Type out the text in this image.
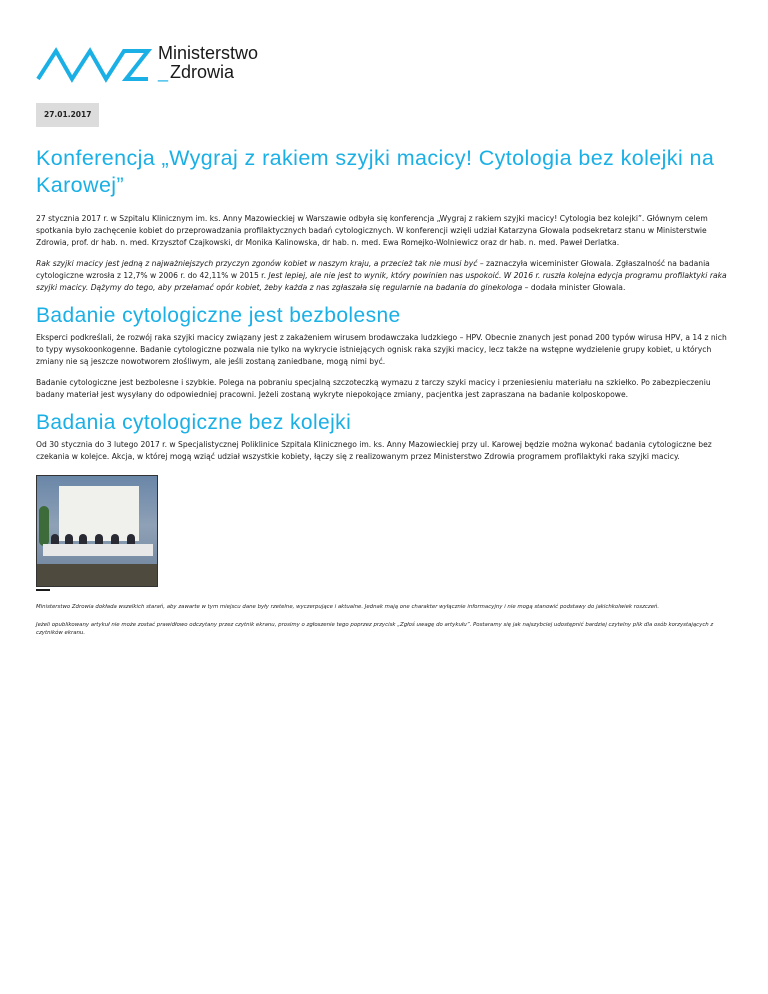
Ministerstwo
_ Zdrowia
27.01.2017
Konferencja „Wygraj z rakiem szyjki macicy! Cytologia bez kolejki na Karowej”

27 stycznia 2017 r. w Szpitalu Klinicznym im. ks. Anny Mazowieckiej w Warszawie odbyła się konferencja „Wygraj z rakiem szyjki macicy! Cytologia bez kolejki”. Głównym celem spotkania było zachęcenie kobiet do przeprowadzania profilaktycznych badań cytologicznych. W konferencji wzięli udział Katarzyna Głowala podsekretarz stanu w Ministerstwie Zdrowia, prof. dr hab. n. med. Krzysztof Czajkowski, dr Monika Kalinowska, dr hab. n. med. Ewa Romejko-Wolniewicz oraz dr hab. n. med. Paweł Derlatka.

Rak szyjki macicy jest jedną z najważniejszych przyczyn zgonów kobiet w naszym kraju, a przecież tak nie musi być – zaznaczyła wiceminister Głowala. Zgłaszalność na badania cytologiczne wzrosła z 12,7% w 2006 r. do 42,11% w 2015 r. Jest lepiej, ale nie jest to wynik, który powinien nas uspokoić. W 2016 r. ruszła kolejna edycja programu profilaktyki raka szyjki macicy. Dążymy do tego, aby przełamać opór kobiet, żeby każda z nas zgłaszała się regularnie na badania do ginekologa – dodała minister Głowala.

Badanie cytologiczne jest bezbolesne

Eksperci podkreślali, że rozwój raka szyjki macicy związany jest z zakażeniem wirusem brodawczaka ludzkiego – HPV. Obecnie znanych jest ponad 200 typów wirusa HPV, a 14 z nich to typy wysokoonkogenne. Badanie cytologiczne pozwala nie tylko na wykrycie istniejących ognisk raka szyjki macicy, lecz także na wstępne wydzielenie grupy kobiet, u których zmiany nie są jeszcze nowotworem złośliwym, ale jeśli zostaną zaniedbane, mogą nimi być.

Badanie cytologiczne jest bezbolesne i szybkie. Polega na pobraniu specjalną szczoteczką wymazu z tarczy szyki macicy i przeniesieniu materiału na szkiełko. Po zabezpieczeniu badany materiał jest wysyłany do odpowiedniej pracowni. Jeżeli zostaną wykryte niepokojące zmiany, pacjentka jest zapraszana na badanie kolposkopowe.

Badania cytologiczne bez kolejki

Od 30 stycznia do 3 lutego 2017 r. w Specjalistycznej Poliklinice Szpitala Klinicznego im. ks. Anny Mazowieckiej przy ul. Karowej będzie można wykonać badania cytologiczne bez czekania w kolejce. Akcja, w której mogą wziąć udział wszystkie kobiety, łączy się z realizowanym przez Ministerstwo Zdrowia programem profilaktyki raka szyjki macicy.

Ministerstwo Zdrowia dokłada wszelkich starań, aby zawarte w tym miejscu dane były rzetelne, wyczerpujące i aktualne. Jednak mają one charakter wyłącznie informacyjny i nie mogą stanowić podstawy do jakichkolwiek roszczeń.

Jeżeli opublikowany artykuł nie może zostać prawidłowo odczytany przez czytnik ekranu, prosimy o zgłoszenie tego poprzez przycisk „Zgłoś uwagę do artykułu”. Postaramy się jak najszybciej udostępnić bardziej czytelny plik dla osób korzystających z czytników ekranu.
